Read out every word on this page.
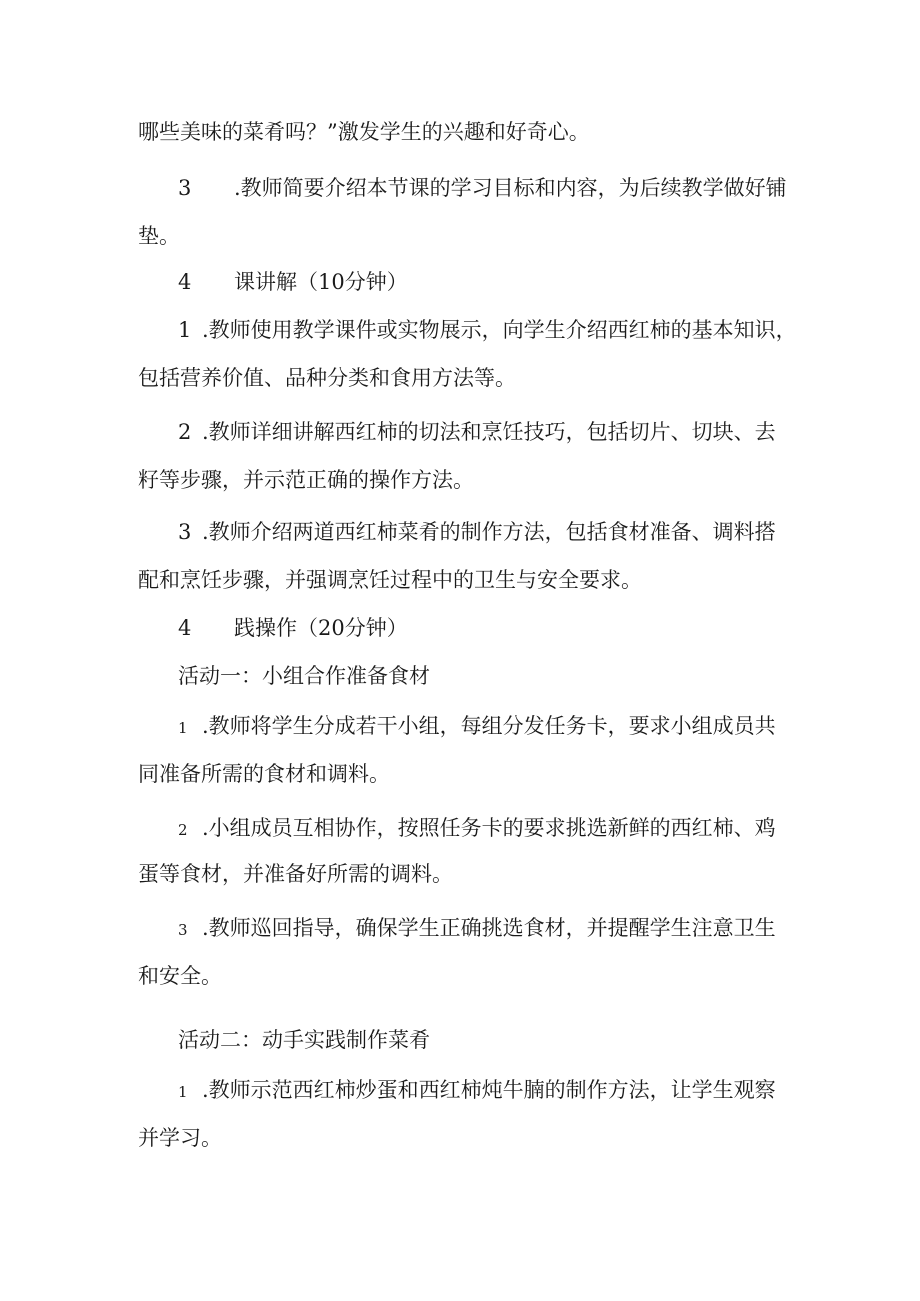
哪些美味的菜肴吗？”激发学生的兴趣和好奇心。
3 .教师简要介绍本节课的学习目标和内容，为后续教学做好铺
垫。
4 课讲解（10分钟）
1 .教师使用教学课件或实物展示，向学生介绍西红柿的基本知识，
包括营养价值、品种分类和食用方法等。
2 .教师详细讲解西红柿的切法和烹饪技巧，包括切片、切块、去
籽等步骤，并示范正确的操作方法。
3 .教师介绍两道西红柿菜肴的制作方法，包括食材准备、调料搭
配和烹饪步骤，并强调烹饪过程中的卫生与安全要求。
4 践操作（20分钟）
活动一：小组合作准备食材
1 .教师将学生分成若干小组，每组分发任务卡，要求小组成员共
同准备所需的食材和调料。
2 .小组成员互相协作，按照任务卡的要求挑选新鲜的西红柿、鸡
蛋等食材，并准备好所需的调料。
3 .教师巡回指导，确保学生正确挑选食材，并提醒学生注意卫生
和安全。
活动二：动手实践制作菜肴
1 .教师示范西红柿炒蛋和西红柿炖牛腩的制作方法，让学生观察
并学习。
